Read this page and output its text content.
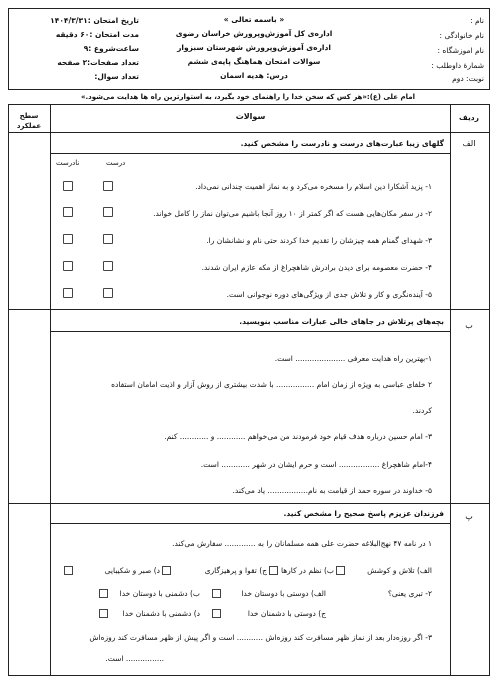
نام :
نام خانوادگی :
نام اموزشگاه :
شمارهٔ داوطلب :
نوبت: دوم
« باسمه تعالی »
اداره‌ی کل آموزش‌وپرورش خراسان رضوی
اداره‌ی آموزش‌وپرورش شهرستان سبزوار
سوالات امتحان هماهنگ پایه‌ی ششم
درس: هدیه اسمان
تاریخ امتحان :۱۴۰۴/۳/۳۱
مدت امتحان :۶۰ دقیقه
ساعت‌شروع :۹
تعداد صفحات:۲ صفحه
تعداد سوال:
امام علی (ع):«هر کس که سخن خدا را راهنمای خود بگیرد، به استوارترین راه ها هدایت می‌شود.»
ردیف
سوالات
سطح عملکرد
الف
گلهای زیبا عبارت‌های درست و نادرست را مشخص کنید.
درست
نادرست
۱- پزید آشکارا دین اسلام را مسخره می‌کرد و به نماز اهمیت چندانی نمی‌داد.
۲- در سفر مکان‌هایی هست که اگر کمتر از ۱۰ روز آنجا باشیم می‌توان نماز را کامل خواند.
۳- شهدای گمنام همه چیزشان را تقدیم خدا کردند حتی نام و نشانشان را.
۴- حضرت معصومه برای دیدن برادرش شاهچراغ از مکه عازم ایران شدند.
۵- آینده‌نگری و کار و تلاش جدی از ویژگی‌های دوره نوجوانی است.
ب
بچه‌های پرتلاش در جاهای خالی عبارات مناسب بنویسید.
۱-بهترین راه هدایت معرفی ..................... است.
۲ خلفای عباسی به ویژه از زمان امام ................ با شدت بیشتری از روش آزار و اذیت امامان استفاده
کردند.
۳- امام حسین درباره هدف قیام خود فرمودند من می‌خواهم ............ و ............ کنم.
۴-امام شاهچراغ ................. است و حرم ایشان در شهر ............ است.
۵- خداوند در سوره حمد از قیامت به نام................. یاد می‌کند.
پ
فرزندان عزیزم پاسخ صحیح را مشخص کنید.
۱ در نامه ۴۷ نهج‌البلاغه حضرت علی همه مسلمانان را به ............. سفارش می‌کند.
الف) تلاش و کوشش
ب) نظم در کارها
ج) تقوا و پرهیزگاری
د) صبر و شکیبایی
۲- تبری یعنی؟
الف) دوستی با دوستان خدا
ب) دشمنی با دوستان خدا
ج) دوستی با دشمنان خدا
د) دشمنی با دشمنان خدا
۳- اگر روزه‌دار بعد از نماز ظهر مسافرت کند روزه‌اش ........... است و اگر پیش از ظهر مسافرت کند روزه‌اش
................ است.
